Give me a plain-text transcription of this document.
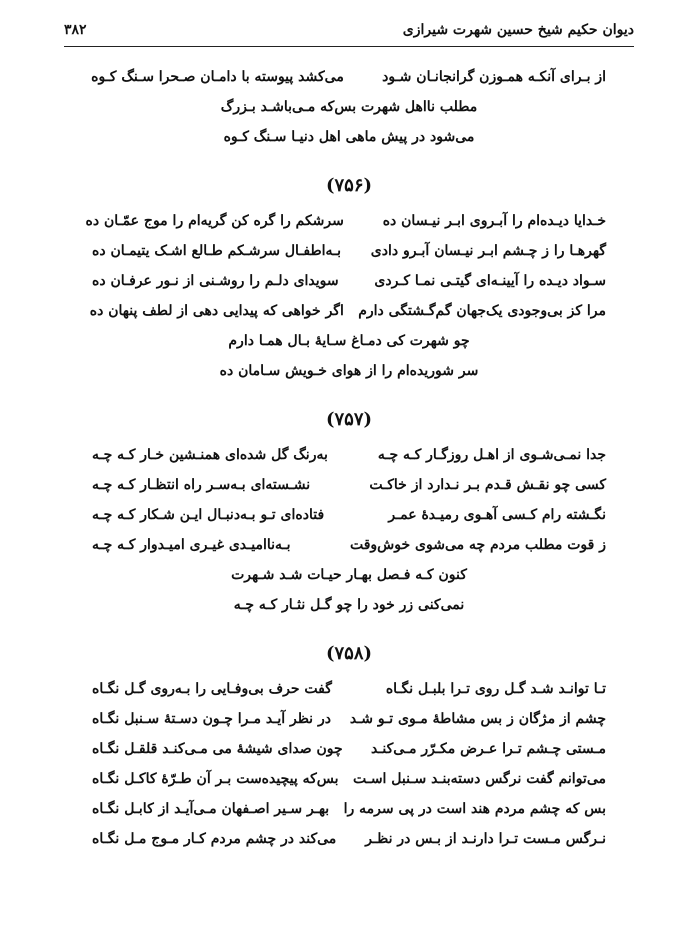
دیوان حکیم شیخ حسین شهرت شیرازی
۳۸۲
از بـرای آنکـه همـوزن گرانجانـان شـود
می‌کشد پیوسته با دامـان صـحرا سـنگ کـوه
مطلب نااهل شهرت بس‌که مـی‌باشـد بـزرگ
می‌شود در پیش ماهی اهل دنیـا سـنگ کـوه
(۷۵۶)
خـدایا دیـده‌ام را آبـروی ابـر نیـسان ده
سرشکم را گره کن گریه‌ام را موج عمّـان ده
گهرهـا را ز چـشم ابـر نیـسان آبـرو دادی
بـه‌اطفـال سرشـکم طـالع اشـک یتیمـان ده
سـواد دیـده را آیینـه‌ای گیتـی نمـا کـردی
سویدای دلـم را روشـنی از نـور عرفـان ده
مرا کز بی‌وجودی یک‌جهان گم‌گـشتگی دارم
اگر خواهی که پیدایی دهی از لطف پنهان ده
چو شهرت کی دمـاغ سـایهٔ بـال همـا دارم
سر شوریده‌ام را از هوای خـویش سـامان ده
(۷۵۷)
جدا نمـی‌شـوی از اهـل روزگـار کـه چـه
به‌رنگ گل شده‌ای همنـشین خـار کـه چـه
کسی چو نقـش قـدم بـر نـدارد از خاکـت
نشـسته‌ای بـه‌سـر راه انتظـار کـه چـه
نگـشته رام کـسی آهـوی رمیـدهٔ عمـر
فتاده‌ای تـو بـه‌دنبـال ایـن شـکار کـه چـه
ز قوت مطلب مردم چه می‌شوی خوش‌وقت
بـه‌ناامیـدی غیـری امیـدوار کـه چـه
کنون کـه فـصل بهـار حیـات شـد شـهرت
نمی‌کنی زر خود را چو گـل نثـار کـه چـه
(۷۵۸)
تـا توانـد شـد گـل روی تـرا بلبـل نگـاه
گفت حرف بی‌وفـایی را بـه‌روی گـل نگـاه
چشم از مژگان ز بس مشاطهٔ مـوی تـو شـد
در نظر آیـد مـرا چـون دسـتهٔ سـنبل نگـاه
مـستی چـشم تـرا عـرض مکـرّر مـی‌کنـد
چون صدای شیشهٔ می مـی‌کنـد قلقـل نگـاه
می‌توانم گفت نرگس دسته‌بنـد سـنبل اسـت
بس‌که پیچیده‌ست بـر آن طـرّهٔ کاکـل نگـاه
بس که چشم مردم هند است در پی سرمه را
بهـر سـیر اصـفهان مـی‌آیـد از کابـل نگـاه
نـرگس مـست تـرا دارنـد از بـس در نظـر
می‌کند در چشم مردم کـار مـوج مـل نگـاه
